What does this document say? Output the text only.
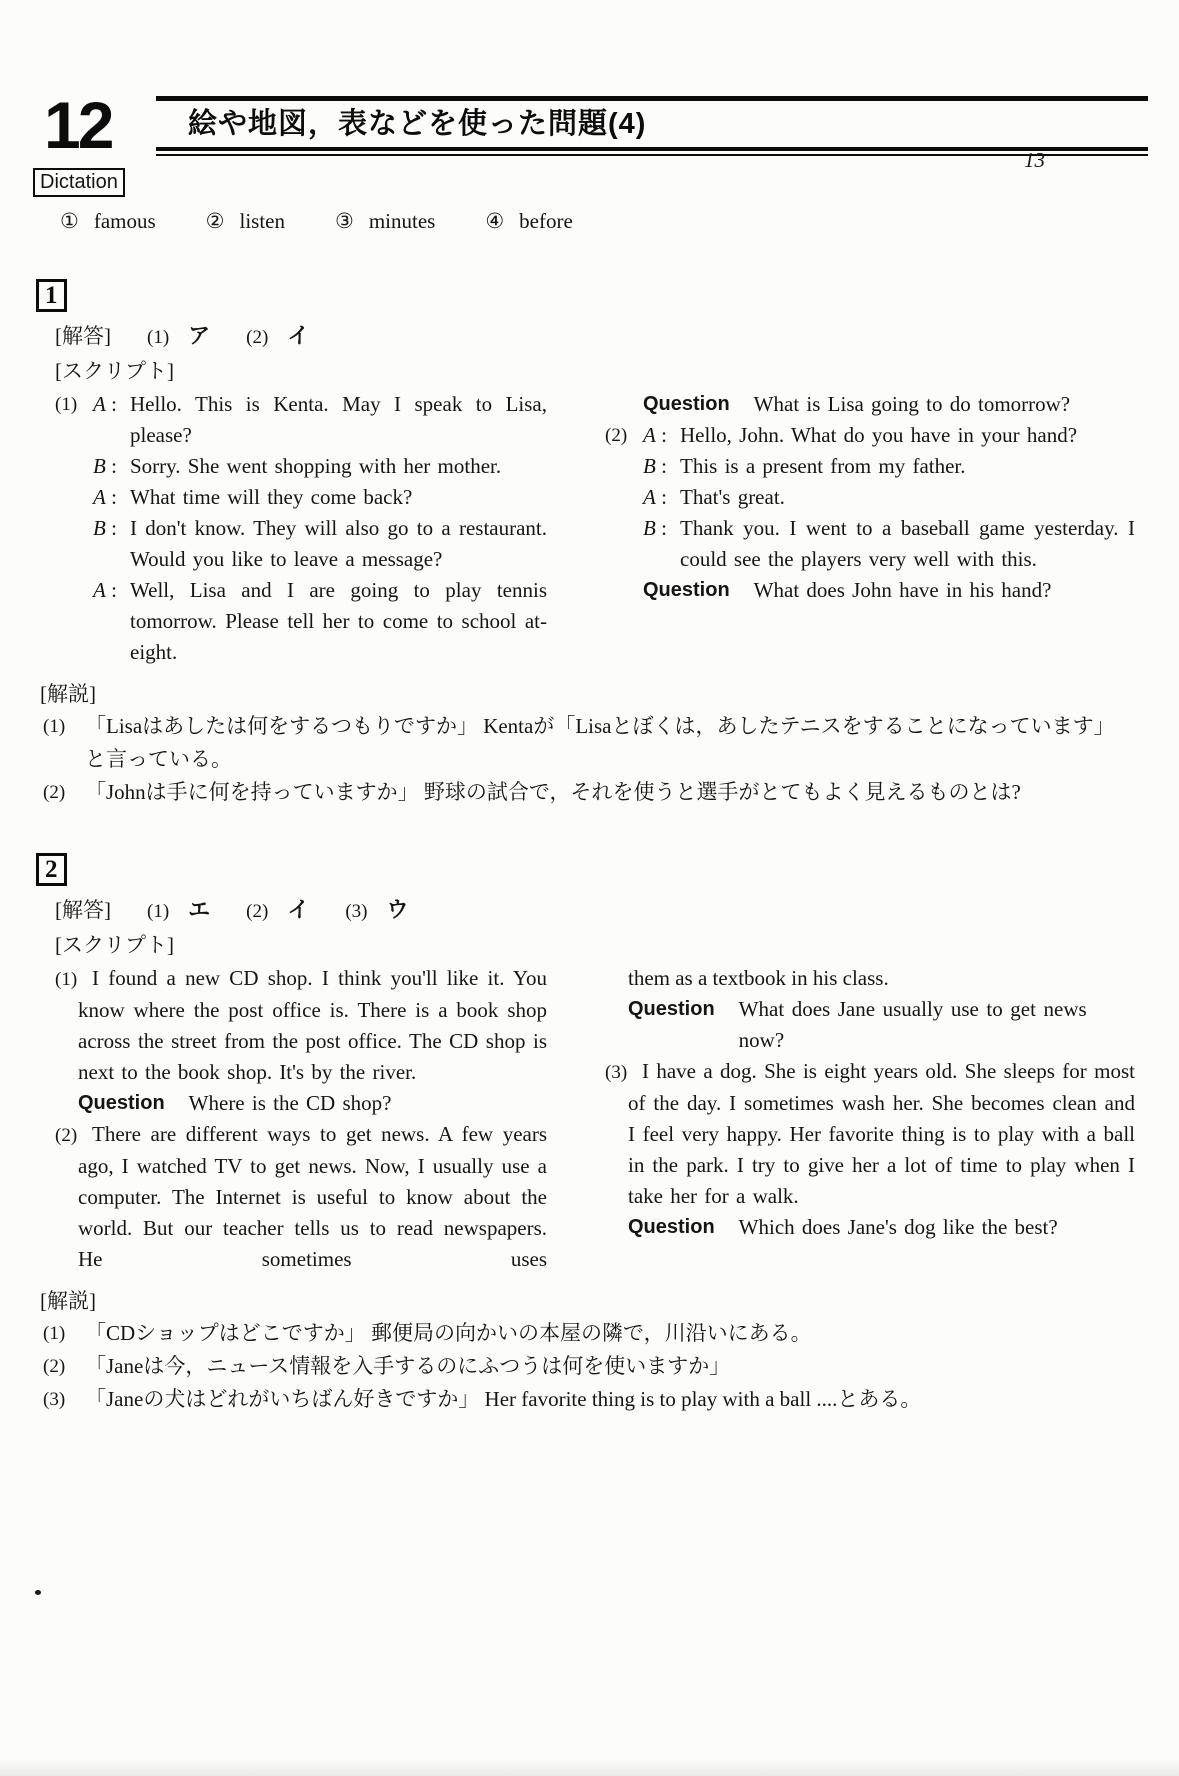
13
12	絵や地図，表などを使った問題(4)
Dictation
① famous ② listen ③ minutes ④ before
1
[解答] (1) ア (2) イ
[スクリプト]
(1) A :	Hello. This is Kenta. May I speak to Lisa, please?
B :	Sorry. She went shopping with her mother.
A :	What time will they come back?
B :	I don't know. They will also go to a restaurant. Would you like to leave a message?
A :	Well, Lisa and I are going to play tennis tomorrow. Please tell her to come to school at-eight.
Question What is Lisa going to do tomorrow?
(2) A :	Hello, John. What do you have in your hand?
B :	This is a present from my father.
A :	That's great.
B :	Thank you. I went to a baseball game yesterday. I could see the players very well with this.
Question What does John have in his hand?
[解説]
(1) 「Lisaはあしたは何をするつもりですか」 Kentaが「Lisaとぼくは，あしたテニスをすることになっています」と言っている。
(2) 「Johnは手に何を持っていますか」 野球の試合で，それを使うと選手がとてもよく見えるものとは?
2
[解答] (1) エ (2) イ (3) ウ
[スクリプト]
(1) I found a new CD shop. I think you'll like it. You know where the post office is. There is a book shop across the street from the post office. The CD shop is next to the book shop. It's by the river.
Question Where is the CD shop?
(2) There are different ways to get news. A few years ago, I watched TV to get news. Now, I usually use a computer. The Internet is useful to know about the world. But our teacher tells us to read newspapers. He sometimes uses
them as a textbook in his class.
Question What does Jane usually use to get news now?
(3) I have a dog. She is eight years old. She sleeps for most of the day. I sometimes wash her. She becomes clean and I feel very happy. Her favorite thing is to play with a ball in the park. I try to give her a lot of time to play when I take her for a walk.
Question Which does Jane's dog like the best?
[解説]
(1) 「CDショップはどこですか」 郵便局の向かいの本屋の隣で，川沿いにある。
(2) 「Janeは今，ニュース情報を入手するのにふつうは何を使いますか」
(3) 「Janeの犬はどれがいちばん好きですか」 Her favorite thing is to play with a ball ....とある。
